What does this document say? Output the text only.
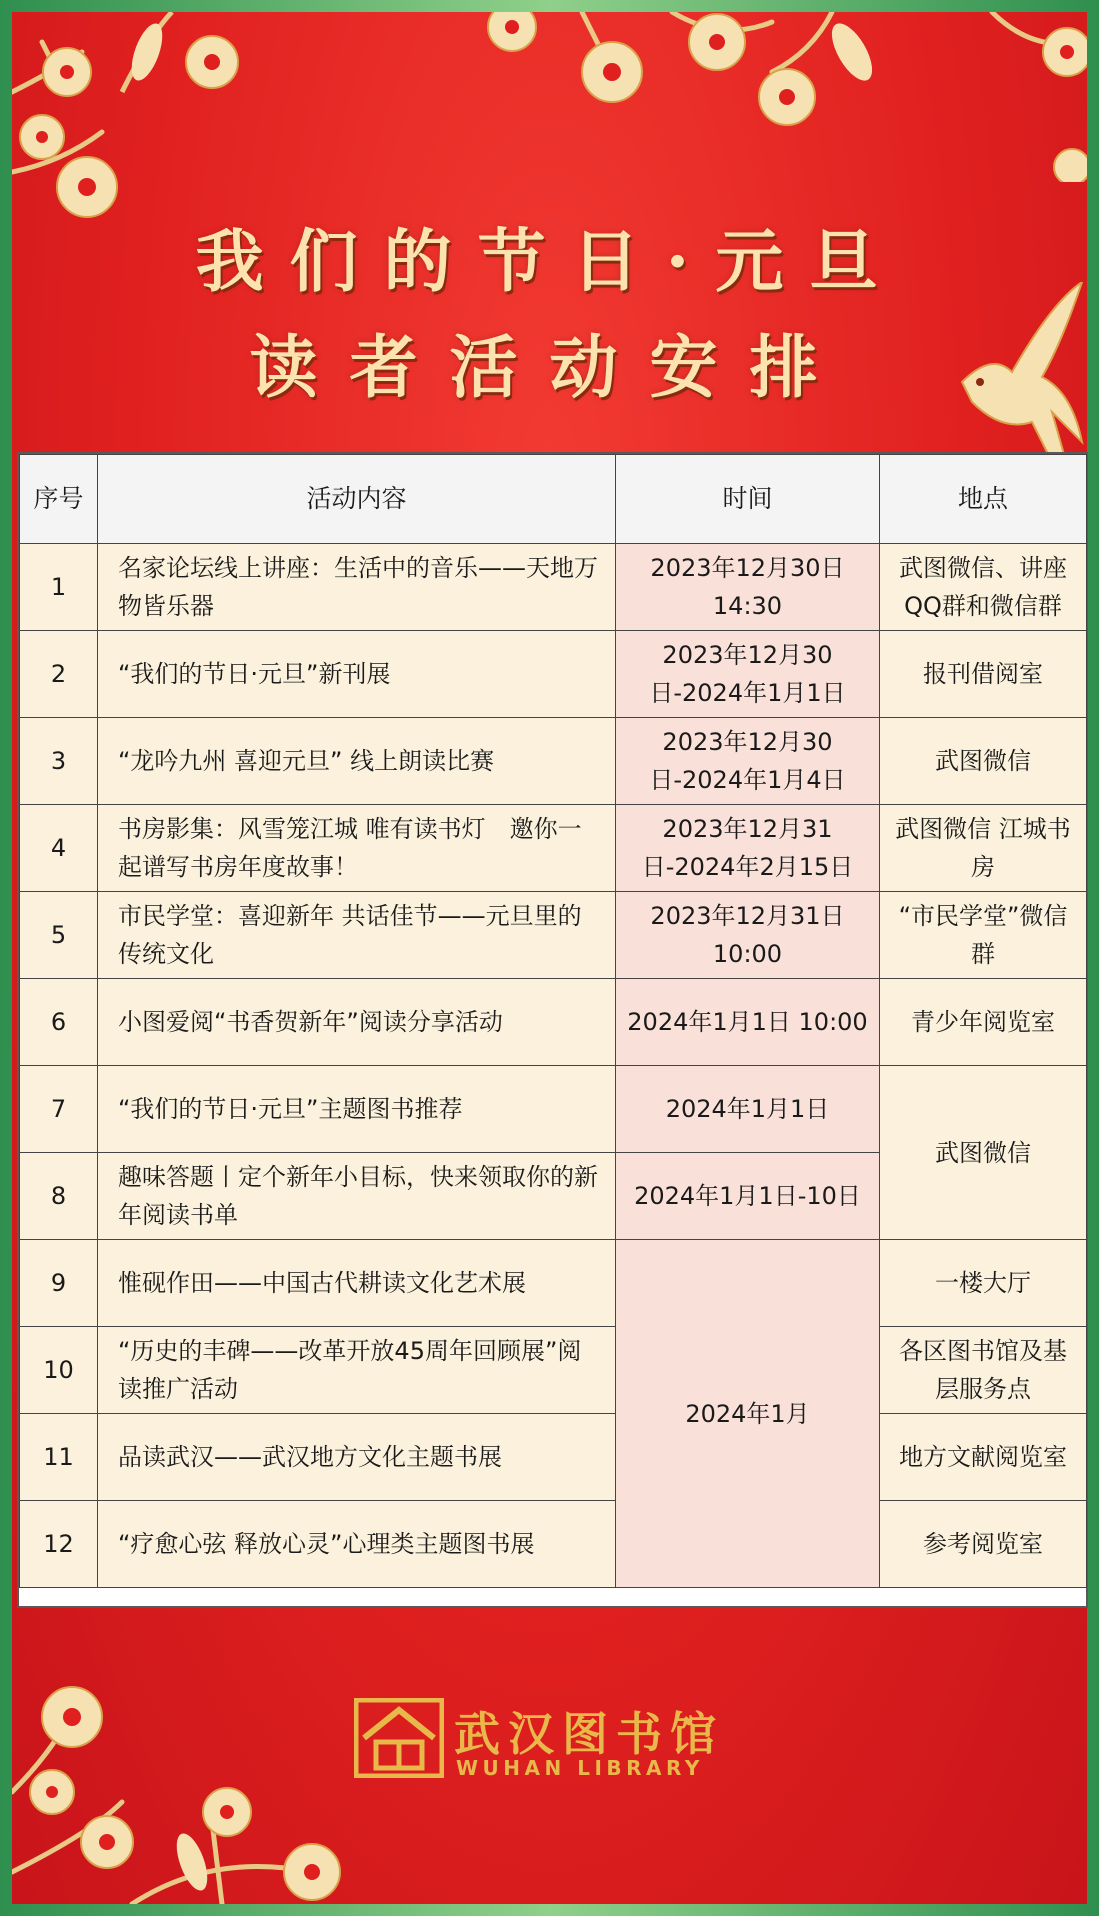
我们的节日·元旦
读者活动安排
武汉图书馆
WUHAN LIBRARY
序号	活动内容	时间	地点
1	名家论坛线上讲座：生活中的音乐——天地万物皆乐器	2023年12月30日 14:30	武图微信、讲座QQ群和微信群
2	“我们的节日·元旦”新刊展	2023年12月30日-2024年1月1日	报刊借阅室
3	“龙吟九州 喜迎元旦” 线上朗读比赛	2023年12月30日-2024年1月4日	武图微信
4	书房影集：风雪笼江城 唯有读书灯　邀你一起谱写书房年度故事！	2023年12月31日-2024年2月15日	武图微信 江城书房
5	市民学堂：喜迎新年 共话佳节——元旦里的传统文化	2023年12月31日 10:00	“市民学堂”微信群
6	小图爱阅“书香贺新年”阅读分享活动	2024年1月1日 10:00	青少年阅览室
7	“我们的节日·元旦”主题图书推荐	2024年1月1日	武图微信
8	趣味答题丨定个新年小目标，快来领取你的新年阅读书单	2024年1月1日-10日	
9	惟砚作田——中国古代耕读文化艺术展	2024年1月	一楼大厅
10	“历史的丰碑——改革开放45周年回顾展”阅读推广活动		各区图书馆及基层服务点
11	品读武汉——武汉地方文化主题书展		地方文献阅览室
12	“疗愈心弦 释放心灵”心理类主题图书展		参考阅览室
